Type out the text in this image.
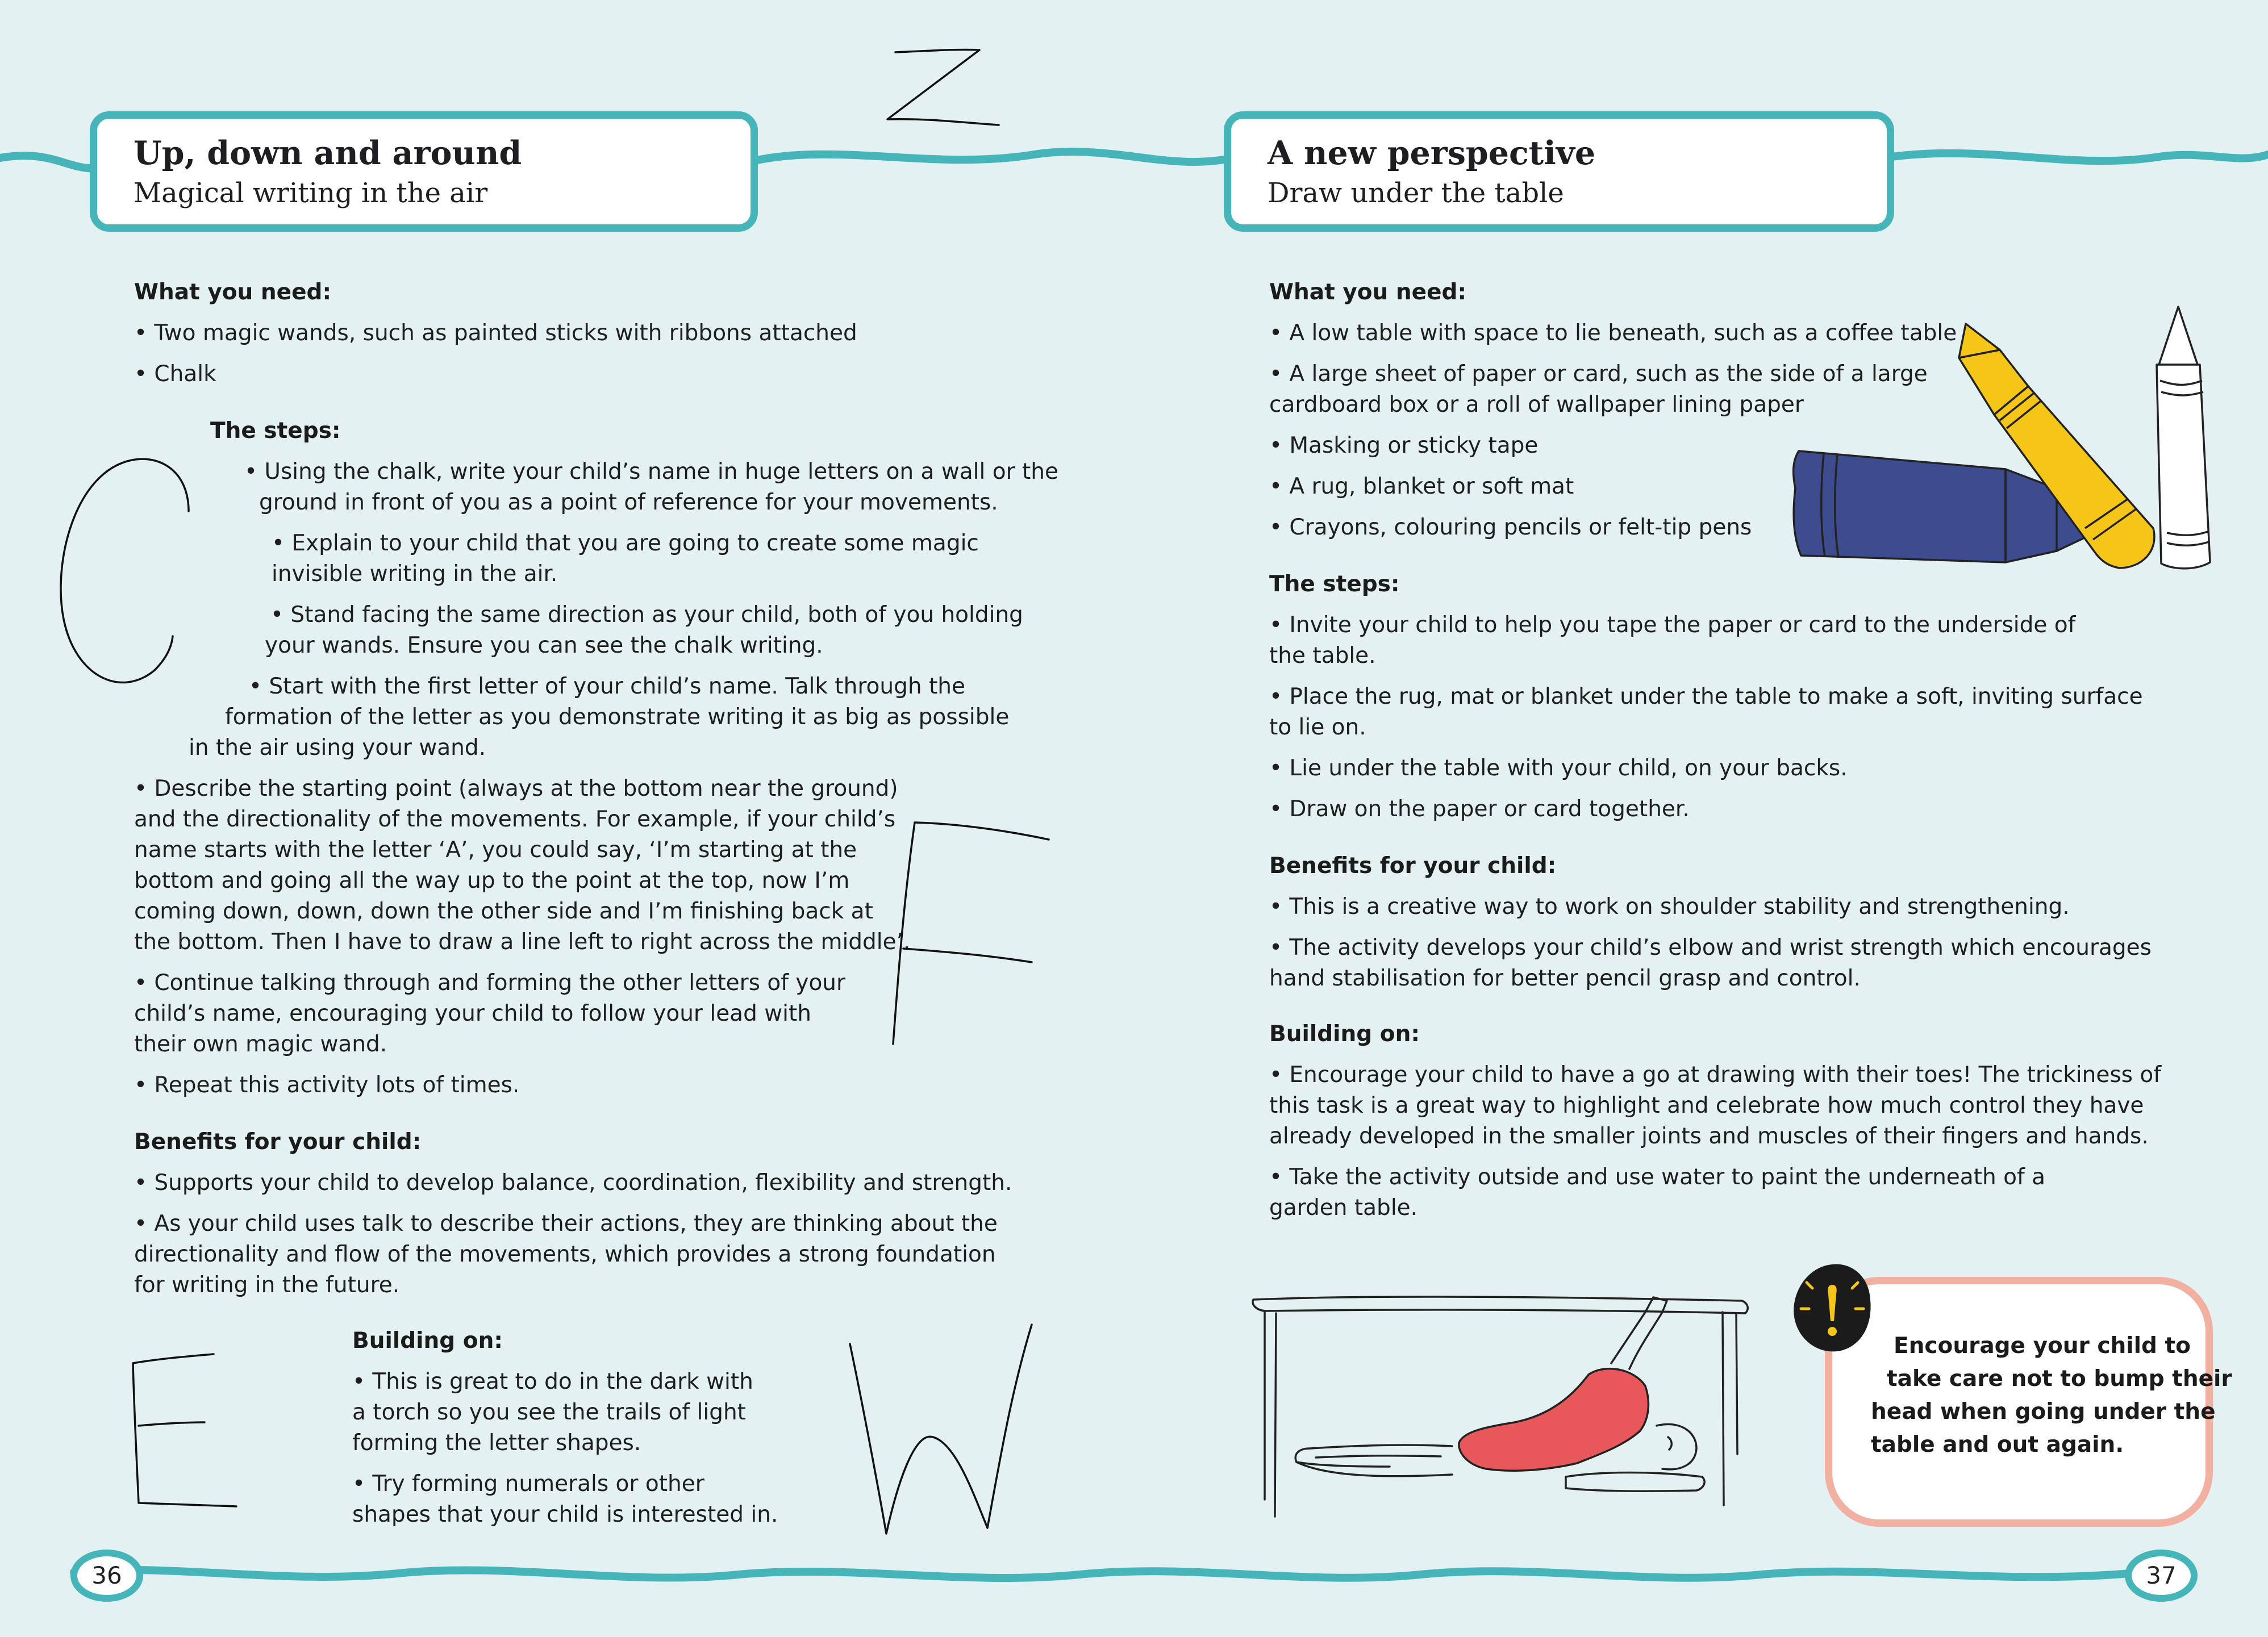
Up, down and around
Magical writing in the air
What you need:
• Two magic wands, such as painted sticks with ribbons attached
• Chalk
The steps:
• Using the chalk, write your child’s name in huge letters on a wall or the
ground in front of you as a point of reference for your movements.
• Explain to your child that you are going to create some magic
invisible writing in the air.
• Stand facing the same direction as your child, both of you holding
your wands. Ensure you can see the chalk writing.
• Start with the first letter of your child’s name. Talk through the
formation of the letter as you demonstrate writing it as big as possible
in the air using your wand.
• Describe the starting point (always at the bottom near the ground)
and the directionality of the movements. For example, if your child’s
name starts with the letter ‘A’, you could say, ‘I’m starting at the
bottom and going all the way up to the point at the top, now I’m
coming down, down, down the other side and I’m finishing back at
the bottom. Then I have to draw a line left to right across the middle’.
• Continue talking through and forming the other letters of your
child’s name, encouraging your child to follow your lead with
their own magic wand.
• Repeat this activity lots of times.
Benefits for your child:
• Supports your child to develop balance, coordination, flexibility and strength.
• As your child uses talk to describe their actions, they are thinking about the
directionality and flow of the movements, which provides a strong foundation
for writing in the future.
Building on:
• This is great to do in the dark with
a torch so you see the trails of light
forming the letter shapes.
• Try forming numerals or other
shapes that your child is interested in.
36
A new perspective
Draw under the table
What you need:
• A low table with space to lie beneath, such as a coffee table
• A large sheet of paper or card, such as the side of a large
cardboard box or a roll of wallpaper lining paper
• Masking or sticky tape
• A rug, blanket or soft mat
• Crayons, colouring pencils or felt-tip pens
The steps:
• Invite your child to help you tape the paper or card to the underside of
the table.
• Place the rug, mat or blanket under the table to make a soft, inviting surface
to lie on.
• Lie under the table with your child, on your backs.
• Draw on the paper or card together.
Benefits for your child:
• This is a creative way to work on shoulder stability and strengthening.
• The activity develops your child’s elbow and wrist strength which encourages
hand stabilisation for better pencil grasp and control.
Building on:
• Encourage your child to have a go at drawing with their toes! The trickiness of
this task is a great way to highlight and celebrate how much control they have
already developed in the smaller joints and muscles of their fingers and hands.
• Take the activity outside and use water to paint the underneath of a
garden table.
Encourage your child to
take care not to bump their
head when going under the
table and out again.
37
